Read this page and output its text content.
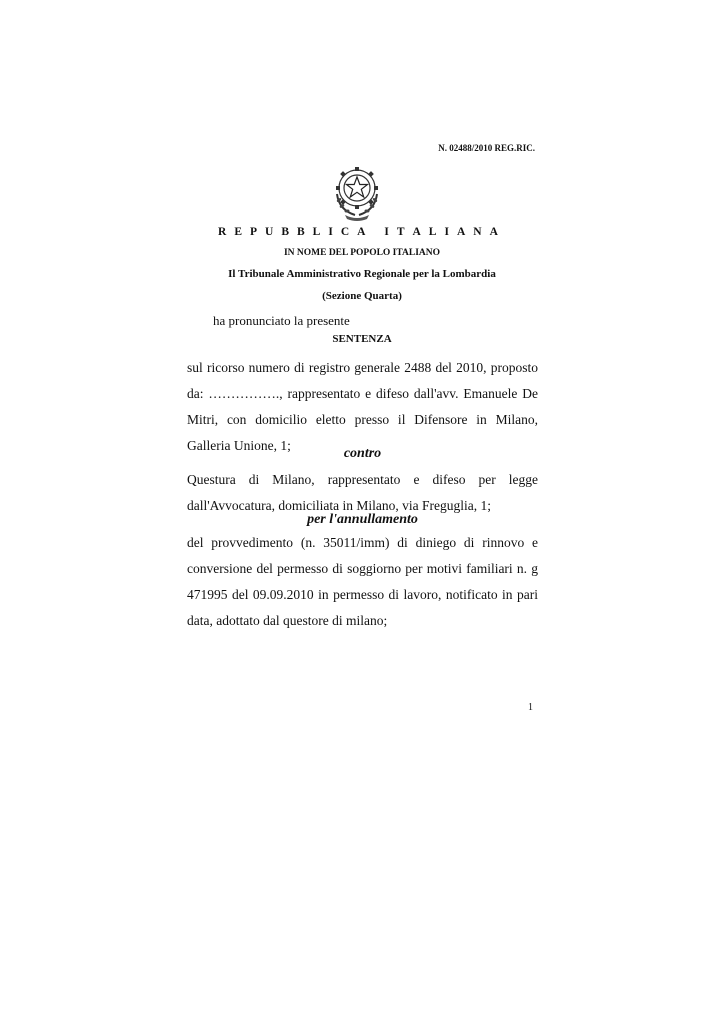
N. 02488/2010 REG.RIC.
R E P U B B L I C A
I T A L I A N A
IN NOME DEL POPOLO ITALIANO
Il Tribunale Amministrativo Regionale per la Lombardia
(Sezione Quarta)
ha pronunciato la presente
SENTENZA
sul ricorso numero di registro generale 2488 del 2010, proposto da: ……………., rappresentato e difeso dall'avv. Emanuele De Mitri, con domicilio eletto presso il Difensore in Milano, Galleria Unione, 1;
contro
Questura di Milano, rappresentato e difeso per legge dall'Avvocatura, domiciliata in Milano, via Freguglia, 1;
per l'annullamento
del provvedimento (n. 35011/imm) di diniego di rinnovo e conversione del permesso di soggiorno per motivi familiari n. g 471995 del 09.09.2010 in permesso di lavoro, notificato in pari data, adottato dal questore di milano;
1
